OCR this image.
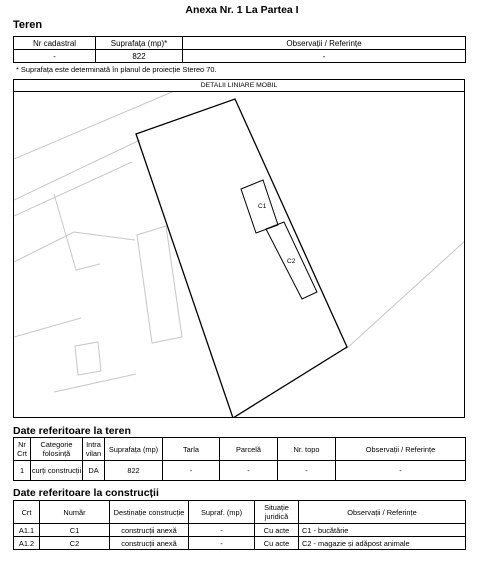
Anexa Nr. 1 La Partea I
Teren
Nr cadastral	Suprafața (mp)*	Observații / Referințe
-	822	-
* Suprafața este determinată în planul de proiecție Stereo 70.
DETALII LINIARE MOBIL
C1
C2
Date referitoare la teren
Nr Crt	Categorie folosință	Intra vilan	Suprafața (mp)	Tarla	Parcelă	Nr. topo	Observații / Referințe
1	curți construcții	DA	822	-	-	-	-
Date referitoare la construcții
Crt	Număr	Destinație construcție	Supraf. (mp)	Situație juridică	Observații / Referințe
A1.1	C1	construcții anexă	-	Cu acte	C1 - bucătărie
A1.2	C2	construcții anexă	-	Cu acte	C2 - magazie și adăpost animale
